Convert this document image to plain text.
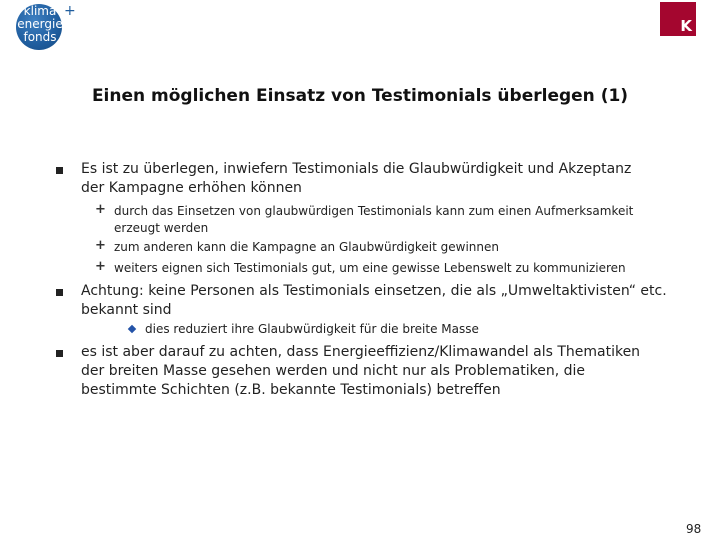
klima
energie
fonds
+
K
Einen möglichen Einsatz von Testimonials überlegen (1)
Es ist zu überlegen, inwiefern Testimonials die Glaubwürdigkeit und Akzeptanz
der Kampagne erhöhen können
+ durch das Einsetzen von glaubwürdigen Testimonials kann zum einen Aufmerksamkeit
erzeugt werden
+ zum anderen kann die Kampagne an Glaubwürdigkeit gewinnen
+ weiters eignen sich Testimonials gut, um eine gewisse Lebenswelt zu kommunizieren
Achtung: keine Personen als Testimonials einsetzen, die als „Umweltaktivisten“ etc.
bekannt sind
dies reduziert ihre Glaubwürdigkeit für die breite Masse
es ist aber darauf zu achten, dass Energieeffizienz/Klimawandel als Thematiken
der breiten Masse gesehen werden und nicht nur als Problematiken, die
bestimmte Schichten (z.B. bekannte Testimonials) betreffen
98
